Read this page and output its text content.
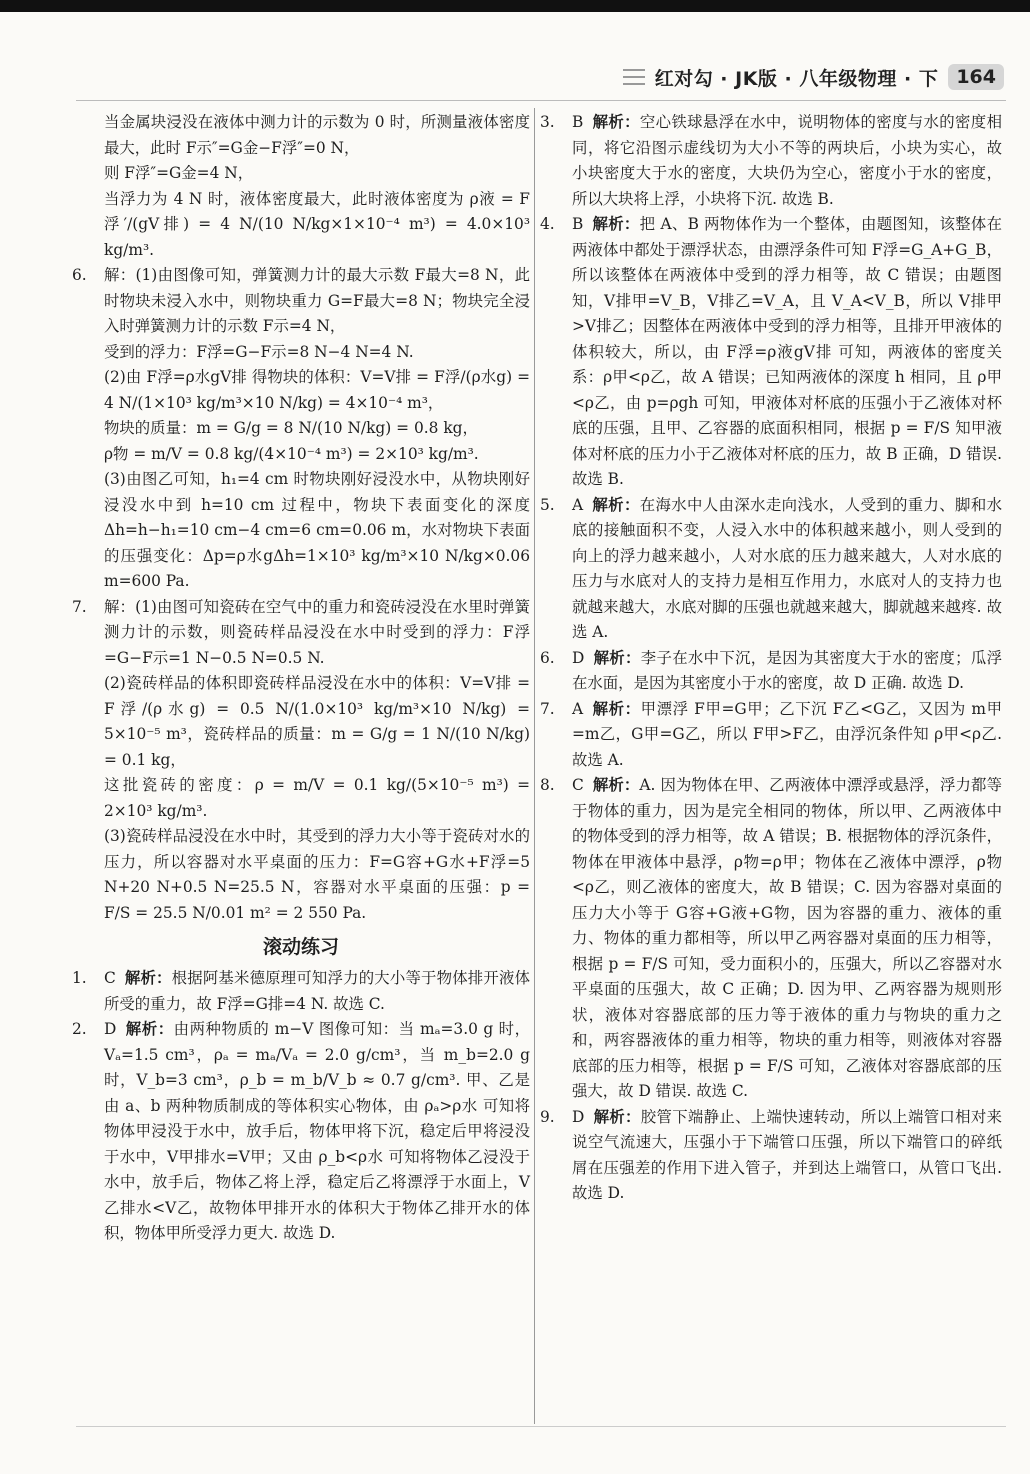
红对勾 · JK版 · 八年级物理 · 下 164

当金属块浸没在液体中测力计的示数为 0 时，所测量液体密度最大，此时 F示″=G金−F浮″=0 N，

则 F浮″=G金=4 N，

当浮力为 4 N 时，液体密度最大，此时液体密度为 ρ液 = F浮′/(gV排) = 4 N/(10 N/kg×1×10⁻⁴ m³) = 4.0×10³ kg/m³.

6. 解：(1)由图像可知，弹簧测力计的最大示数 F最大=8 N，此时物块未浸入水中，则物块重力 G=F最大=8 N；物块完全浸入时弹簧测力计的示数 F示=4 N，

受到的浮力：F浮=G−F示=8 N−4 N=4 N.

(2)由 F浮=ρ水gV排 得物块的体积：V=V排 = F浮/(ρ水g) = 4 N/(1×10³ kg/m³×10 N/kg) = 4×10⁻⁴ m³，

物块的质量：m = G/g = 8 N/(10 N/kg) = 0.8 kg，

ρ物 = m/V = 0.8 kg/(4×10⁻⁴ m³) = 2×10³ kg/m³.

(3)由图乙可知，h₁=4 cm 时物块刚好浸没水中，从物块刚好浸没水中到 h=10 cm 过程中，物块下表面变化的深度 Δh=h−h₁=10 cm−4 cm=6 cm=0.06 m，水对物块下表面的压强变化：Δp=ρ水gΔh=1×10³ kg/m³×10 N/kg×0.06 m=600 Pa.

7. 解：(1)由图可知瓷砖在空气中的重力和瓷砖浸没在水里时弹簧测力计的示数，则瓷砖样品浸没在水中时受到的浮力：F浮=G−F示=1 N−0.5 N=0.5 N.

(2)瓷砖样品的体积即瓷砖样品浸没在水中的体积：V=V排 = F浮/(ρ水g) = 0.5 N/(1.0×10³ kg/m³×10 N/kg) = 5×10⁻⁵ m³，瓷砖样品的质量：m = G/g = 1 N/(10 N/kg) = 0.1 kg，

这批瓷砖的密度：ρ = m/V = 0.1 kg/(5×10⁻⁵ m³) = 2×10³ kg/m³.

(3)瓷砖样品浸没在水中时，其受到的浮力大小等于瓷砖对水的压力，所以容器对水平桌面的压力：F=G容+G水+F浮=5 N+20 N+0.5 N=25.5 N，容器对水平桌面的压强：p = F/S = 25.5 N/0.01 m² = 2 550 Pa.

滚动练习
1. C 解析：根据阿基米德原理可知浮力的大小等于物体排开液体所受的重力，故 F浮=G排=4 N. 故选 C.

2. D 解析：由两种物质的 m−V 图像可知：当 mₐ=3.0 g 时，Vₐ=1.5 cm³，ρₐ = mₐ/Vₐ = 2.0 g/cm³，当 m_b=2.0 g 时，V_b=3 cm³，ρ_b = m_b/V_b ≈ 0.7 g/cm³. 甲、乙是由 a、b 两种物质制成的等体积实心物体，由 ρₐ>ρ水 可知将物体甲浸没于水中，放手后，物体甲将下沉，稳定后甲将浸没于水中，V甲排水=V甲；又由 ρ_b<ρ水 可知将物体乙浸没于水中，放手后，物体乙将上浮，稳定后乙将漂浮于水面上，V乙排水<V乙，故物体甲排开水的体积大于物体乙排开水的体积，物体甲所受浮力更大. 故选 D.

3. B 解析：空心铁球悬浮在水中，说明物体的密度与水的密度相同，将它沿图示虚线切为大小不等的两块后，小块为实心，故小块密度大于水的密度，大块仍为空心，密度小于水的密度，所以大块将上浮，小块将下沉. 故选 B.

4. B 解析：把 A、B 两物体作为一个整体，由题图知，该整体在两液体中都处于漂浮状态，由漂浮条件可知 F浮=G_A+G_B，所以该整体在两液体中受到的浮力相等，故 C 错误；由题图知，V排甲=V_B，V排乙=V_A，且 V_A<V_B，所以 V排甲>V排乙；因整体在两液体中受到的浮力相等，且排开甲液体的体积较大，所以，由 F浮=ρ液gV排 可知，两液体的密度关系：ρ甲<ρ乙，故 A 错误；已知两液体的深度 h 相同，且 ρ甲<ρ乙，由 p=ρgh 可知，甲液体对杯底的压强小于乙液体对杯底的压强，且甲、乙容器的底面积相同，根据 p = F/S 知甲液体对杯底的压力小于乙液体对杯底的压力，故 B 正确，D 错误. 故选 B.

5. A 解析：在海水中人由深水走向浅水，人受到的重力、脚和水底的接触面积不变，人浸入水中的体积越来越小，则人受到的向上的浮力越来越小，人对水底的压力越来越大，人对水底的压力与水底对人的支持力是相互作用力，水底对人的支持力也就越来越大，水底对脚的压强也就越来越大，脚就越来越疼. 故选 A.

6. D 解析：李子在水中下沉，是因为其密度大于水的密度；瓜浮在水面，是因为其密度小于水的密度，故 D 正确. 故选 D.

7. A 解析：甲漂浮 F甲=G甲；乙下沉 F乙<G乙，又因为 m甲=m乙，G甲=G乙，所以 F甲>F乙，由浮沉条件知 ρ甲<ρ乙. 故选 A.

8. C 解析：A. 因为物体在甲、乙两液体中漂浮或悬浮，浮力都等于物体的重力，因为是完全相同的物体，所以甲、乙两液体中的物体受到的浮力相等，故 A 错误；B. 根据物体的浮沉条件，物体在甲液体中悬浮，ρ物=ρ甲；物体在乙液体中漂浮，ρ物<ρ乙，则乙液体的密度大，故 B 错误；C. 因为容器对桌面的压力大小等于 G容+G液+G物，因为容器的重力、液体的重力、物体的重力都相等，所以甲乙两容器对桌面的压力相等，根据 p = F/S 可知，受力面积小的，压强大，所以乙容器对水平桌面的压强大，故 C 正确；D. 因为甲、乙两容器为规则形状，液体对容器底部的压力等于液体的重力与物块的重力之和，两容器液体的重力相等，物块的重力相等，则液体对容器底部的压力相等，根据 p = F/S 可知，乙液体对容器底部的压强大，故 D 错误. 故选 C.

9. D 解析：胶管下端静止、上端快速转动，所以上端管口相对来说空气流速大，压强小于下端管口压强，所以下端管口的碎纸屑在压强差的作用下进入管子，并到达上端管口，从管口飞出. 故选 D.
